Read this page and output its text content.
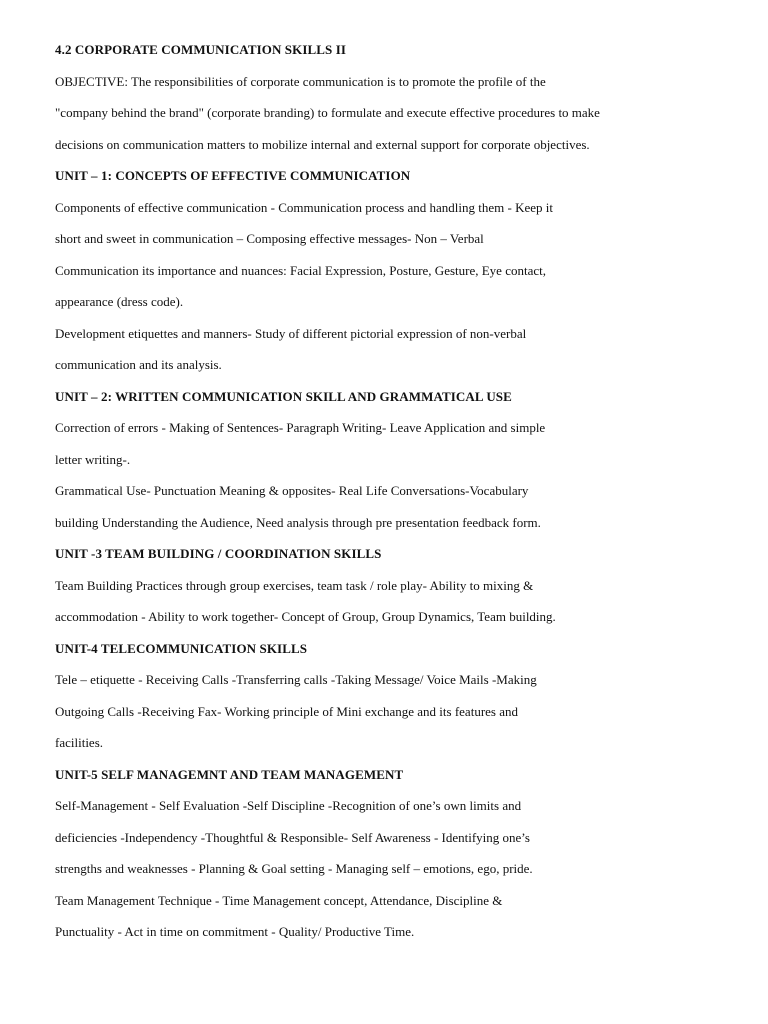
4.2 CORPORATE COMMUNICATION SKILLS II
OBJECTIVE: The responsibilities of corporate communication is to promote the profile of the
"company behind the brand" (corporate branding) to formulate and execute effective procedures to make
decisions on communication matters to mobilize internal and external support for corporate objectives.
UNIT – 1: CONCEPTS OF EFFECTIVE COMMUNICATION
Components of effective communication - Communication process and handling them - Keep it
short and sweet in communication – Composing effective messages- Non – Verbal
Communication its importance and nuances: Facial Expression, Posture, Gesture, Eye contact,
appearance (dress code).
Development etiquettes and manners- Study of different pictorial expression of non-verbal
communication and its analysis.
UNIT – 2: WRITTEN COMMUNICATION SKILL AND GRAMMATICAL USE
Correction of errors - Making of Sentences- Paragraph Writing- Leave Application and simple
letter writing-.
Grammatical Use- Punctuation Meaning & opposites- Real Life Conversations-Vocabulary
building Understanding the Audience, Need analysis through pre presentation feedback form.
UNIT -3 TEAM BUILDING / COORDINATION SKILLS
Team Building Practices through group exercises, team task / role play- Ability to mixing &
accommodation - Ability to work together- Concept of Group, Group Dynamics, Team building.
UNIT-4 TELECOMMUNICATION SKILLS
Tele – etiquette - Receiving Calls -Transferring calls -Taking Message/ Voice Mails -Making
Outgoing Calls -Receiving Fax- Working principle of Mini exchange and its features and
facilities.
UNIT-5 SELF MANAGEMNT AND TEAM MANAGEMENT
Self-Management - Self Evaluation -Self Discipline -Recognition of one’s own limits and
deficiencies -Independency -Thoughtful & Responsible- Self Awareness - Identifying one’s
strengths and weaknesses - Planning & Goal setting - Managing self – emotions, ego, pride.
Team Management Technique - Time Management concept, Attendance, Discipline &
Punctuality - Act in time on commitment - Quality/ Productive Time.
